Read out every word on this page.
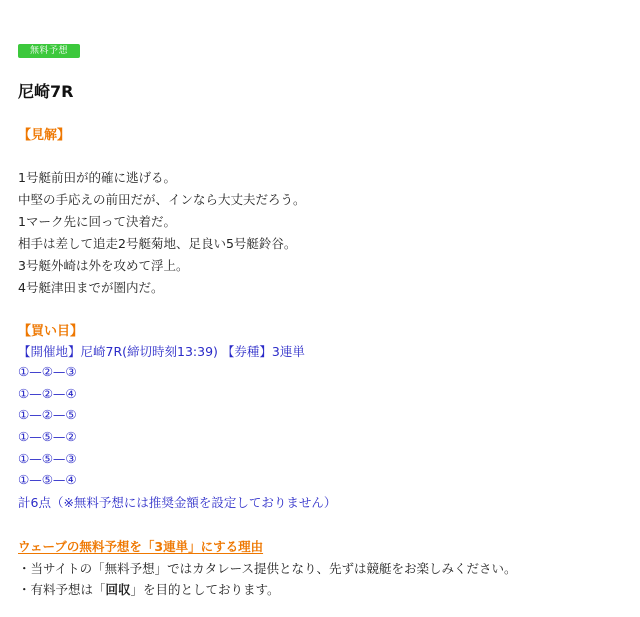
無料予想
尼崎7R

【見解】

1号艇前田が的確に逃げる。

中堅の手応えの前田だが、インなら大丈夫だろう。

1マーク先に回って決着だ。

相手は差して追走2号艇菊地、足良い5号艇鈴谷。

3号艇外崎は外を攻めて浮上。

4号艇津田までが圏内だ。

【買い目】

【開催地】尼崎7R(締切時刻13:39) 【券種】3連単

①—②—③

①—②—④

①—②—⑤

①—⑤—②

①—⑤—③

①—⑤—④

計6点（※無料予想には推奨金額を設定しておりません）

ウェーブの無料予想を「3連単」にする理由

・当サイトの「無料予想」ではカタレース提供となり、先ずは競艇をお楽しみください。

・有料予想は「回収」を目的としております。
